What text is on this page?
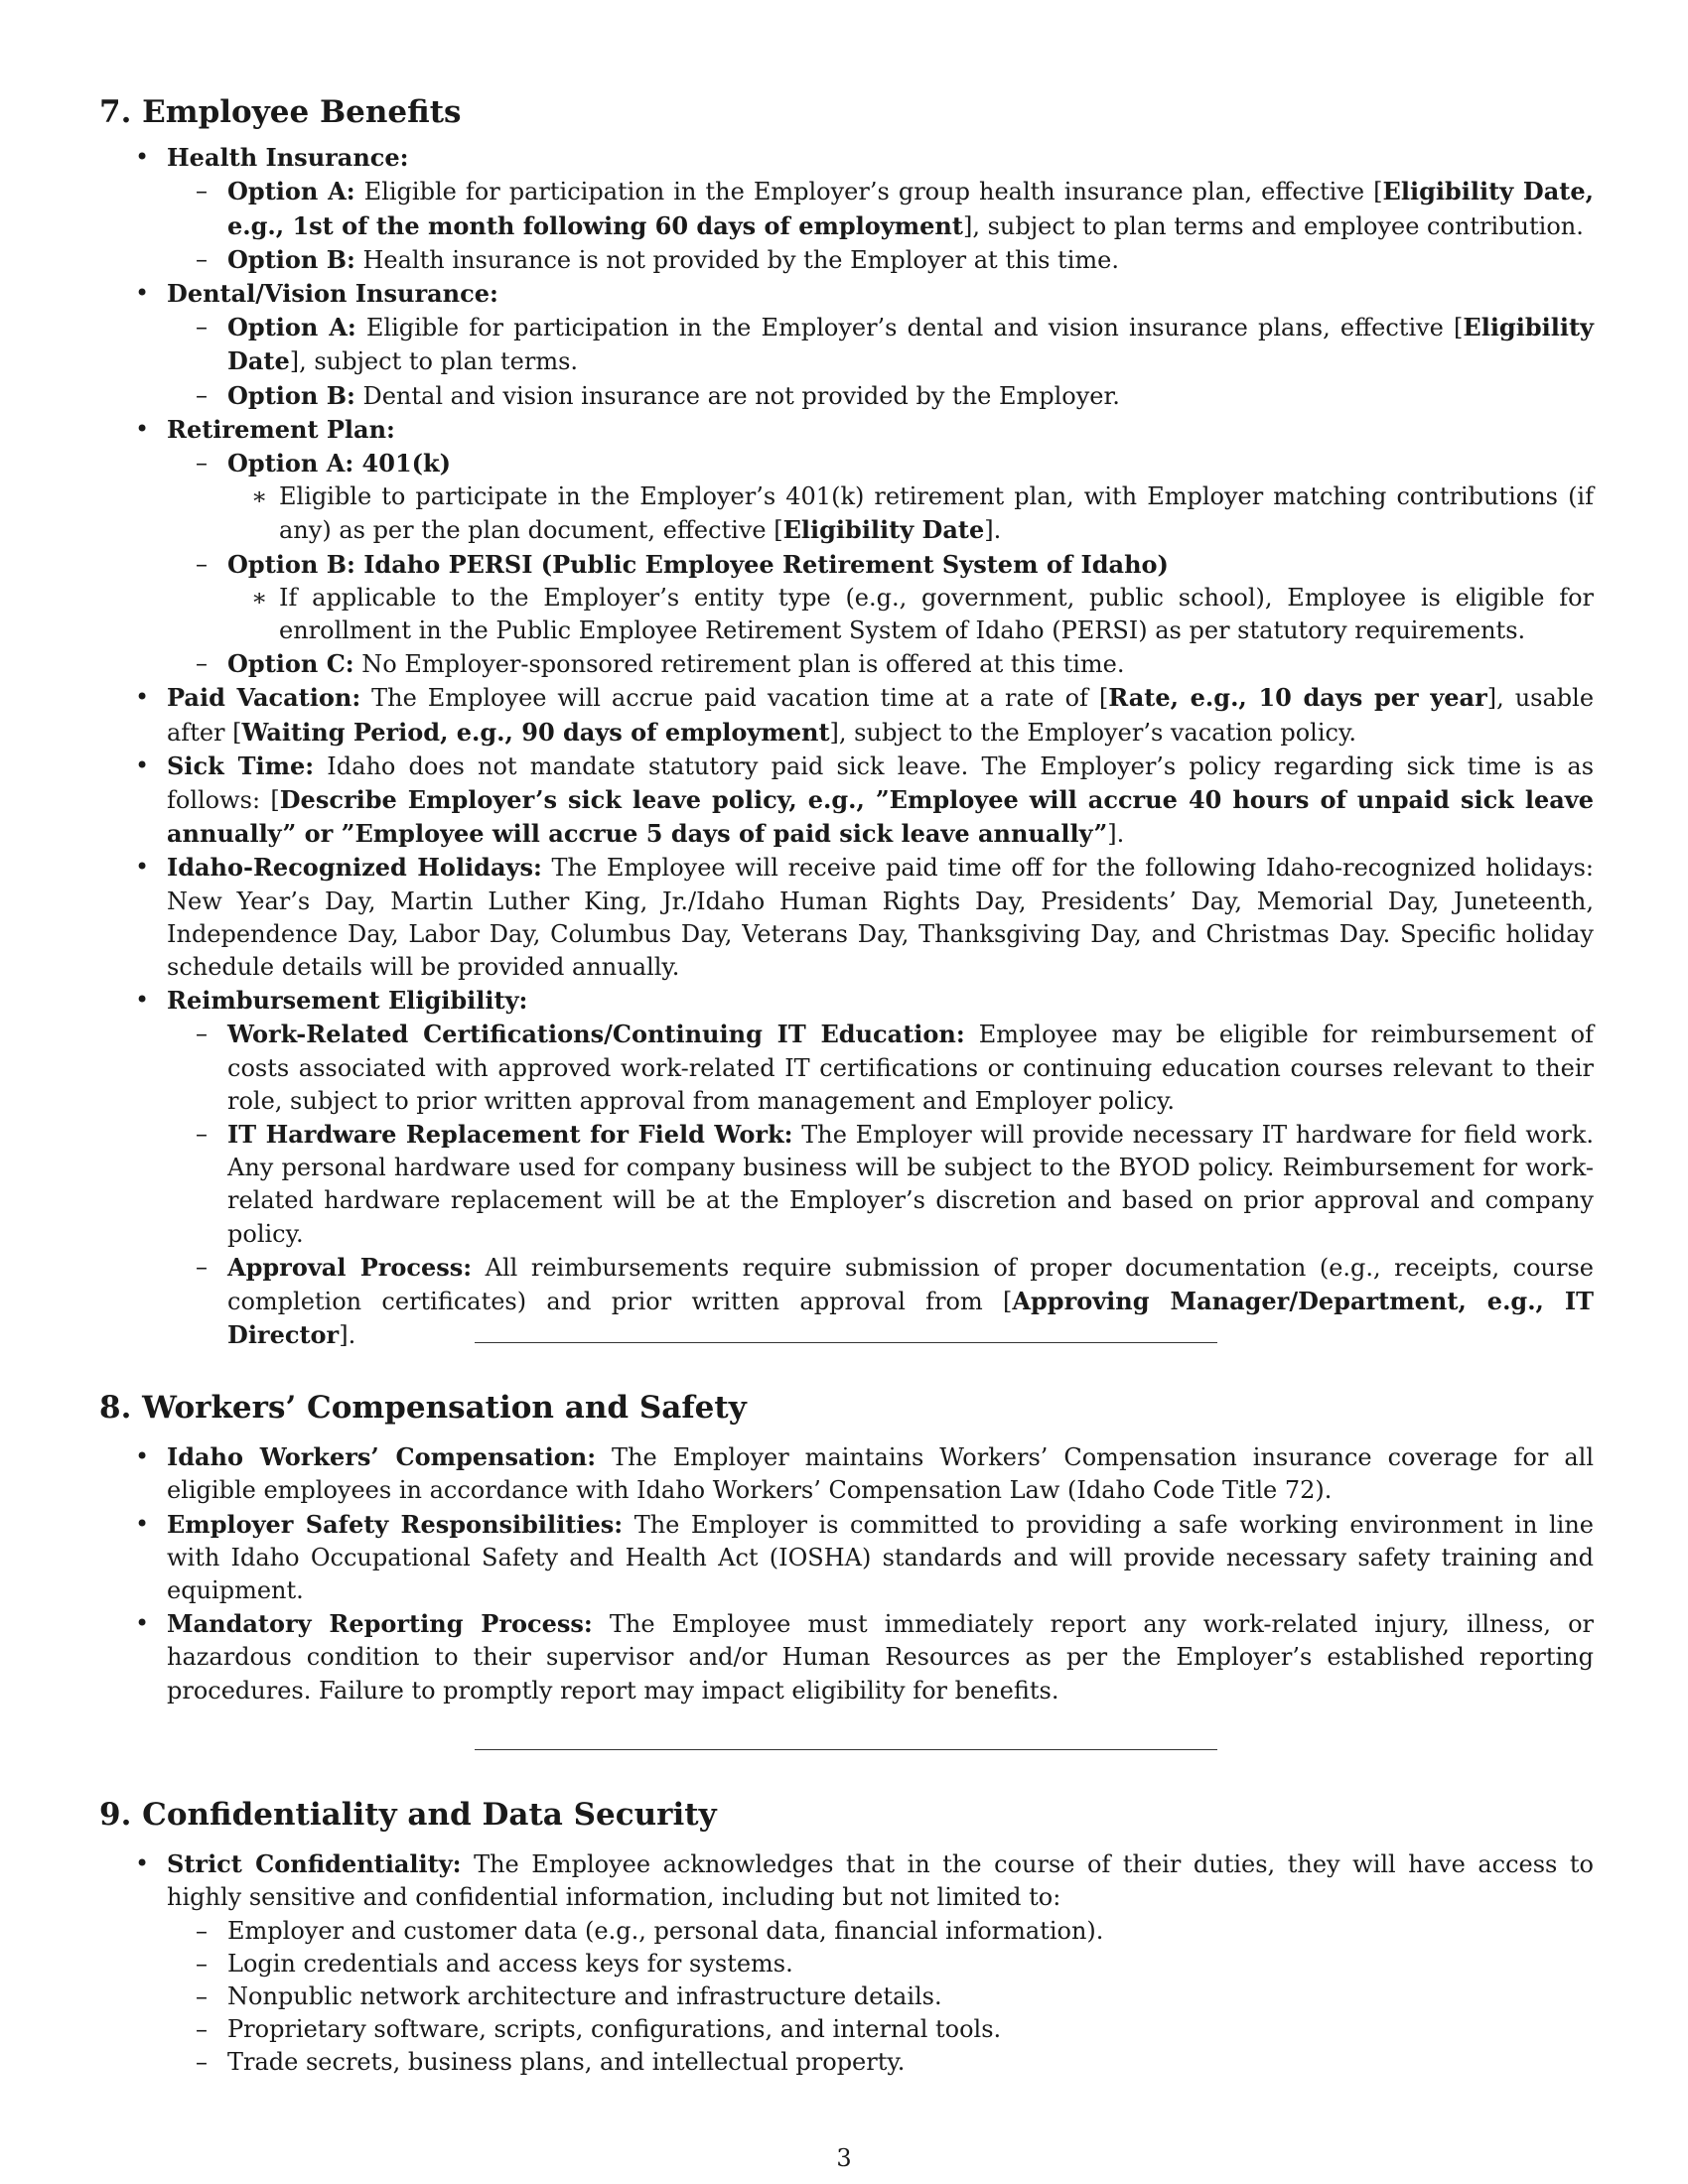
7. Employee Benefits
• Health Insurance:
– Option A: Eligible for participation in the Employer’s group health insurance plan, effective [Eligibility Date, e.g., 1st of the month following 60 days of employment], subject to plan terms and employee contribution.
– Option B: Health insurance is not provided by the Employer at this time.
• Dental/Vision Insurance:
– Option A: Eligible for participation in the Employer’s dental and vision insurance plans, effective [Eligibility Date], subject to plan terms.
– Option B: Dental and vision insurance are not provided by the Employer.
• Retirement Plan:
– Option A: 401(k)
∗ Eligible to participate in the Employer’s 401(k) retirement plan, with Employer matching contributions (if any) as per the plan document, effective [Eligibility Date].
– Option B: Idaho PERSI (Public Employee Retirement System of Idaho)
∗ If applicable to the Employer’s entity type (e.g., government, public school), Employee is eligible for enrollment in the Public Employee Retirement System of Idaho (PERSI) as per statutory requirements.
– Option C: No Employer-sponsored retirement plan is offered at this time.
• Paid Vacation: The Employee will accrue paid vacation time at a rate of [Rate, e.g., 10 days per year], usable after [Waiting Period, e.g., 90 days of employment], subject to the Employer’s vacation policy.
• Sick Time: Idaho does not mandate statutory paid sick leave. The Employer’s policy regarding sick time is as follows: [Describe Employer’s sick leave policy, e.g., ”Employee will accrue 40 hours of unpaid sick leave annually” or ”Employee will accrue 5 days of paid sick leave annually”].
• Idaho-Recognized Holidays: The Employee will receive paid time off for the following Idaho-recognized holidays: New Year’s Day, Martin Luther King, Jr./Idaho Human Rights Day, Presidents’ Day, Memorial Day, Juneteenth, Independence Day, Labor Day, Columbus Day, Veterans Day, Thanksgiving Day, and Christmas Day. Specific holiday schedule details will be provided annually.
• Reimbursement Eligibility:
– Work-Related Certifications/Continuing IT Education: Employee may be eligible for reimbursement of costs associated with approved work-related IT certifications or continuing education courses relevant to their role, subject to prior written approval from management and Employer policy.
– IT Hardware Replacement for Field Work: The Employer will provide necessary IT hardware for field work. Any personal hardware used for company business will be subject to the BYOD policy. Reimbursement for work-related hardware replacement will be at the Employer’s discretion and based on prior approval and company policy.
– Approval Process: All reimbursements require submission of proper documentation (e.g., receipts, course completion certificates) and prior written approval from [Approving Manager/Department, e.g., IT Director].
8. Workers’ Compensation and Safety
• Idaho Workers’ Compensation: The Employer maintains Workers’ Compensation insurance coverage for all eligible employees in accordance with Idaho Workers’ Compensation Law (Idaho Code Title 72).
• Employer Safety Responsibilities: The Employer is committed to providing a safe working environment in line with Idaho Occupational Safety and Health Act (IOSHA) standards and will provide necessary safety training and equipment.
• Mandatory Reporting Process: The Employee must immediately report any work-related injury, illness, or hazardous condition to their supervisor and/or Human Resources as per the Employer’s established reporting procedures. Failure to promptly report may impact eligibility for benefits.
9. Confidentiality and Data Security
• Strict Confidentiality: The Employee acknowledges that in the course of their duties, they will have access to highly sensitive and confidential information, including but not limited to:
– Employer and customer data (e.g., personal data, financial information).
– Login credentials and access keys for systems.
– Nonpublic network architecture and infrastructure details.
– Proprietary software, scripts, configurations, and internal tools.
– Trade secrets, business plans, and intellectual property.
3
